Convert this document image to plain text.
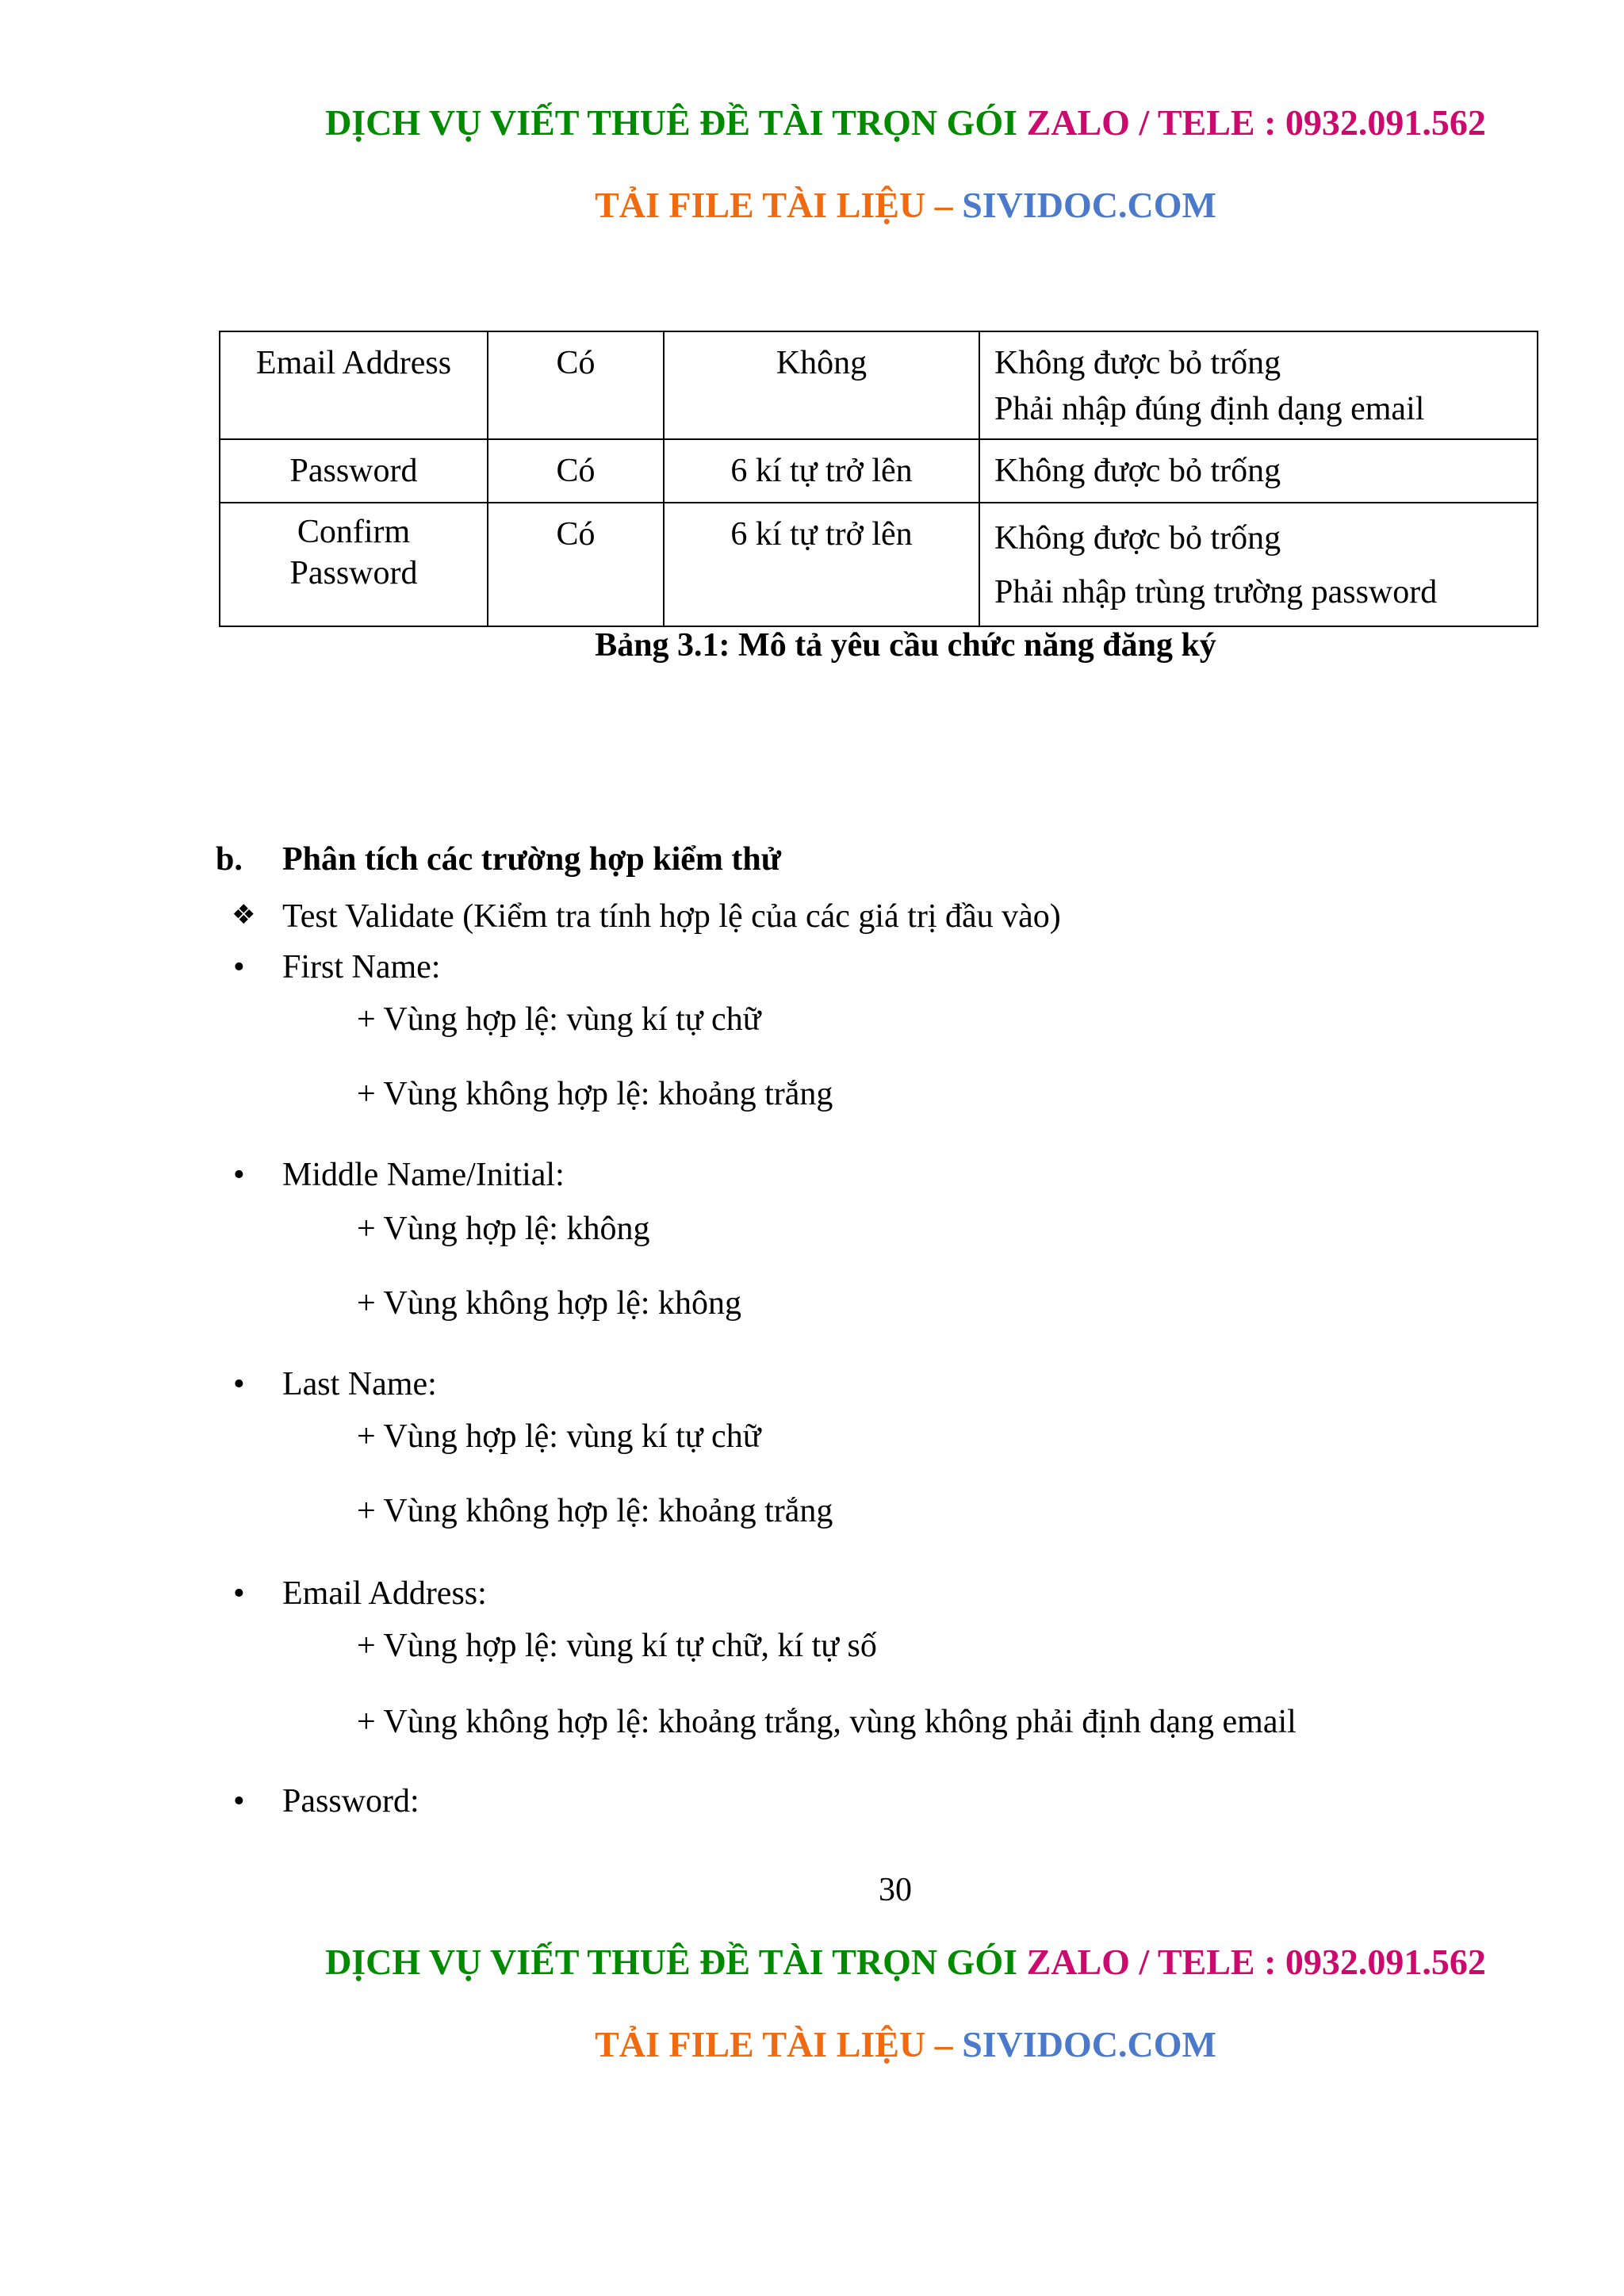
DỊCH VỤ VIẾT THUÊ ĐỀ TÀI TRỌN GÓI ZALO / TELE : 0932.091.562
TẢI FILE TÀI LIỆU – SIVIDOC.COM
Email Address	Có	Không	Không được bỏ trống
Phải nhập đúng định dạng email

Password	Có	6 kí tự trở lên	Không được bỏ trống
Confirm Password	Có	6 kí tự trở lên	Không được bỏ trống
Phải nhập trùng trường password
Bảng 3.1: Mô tả yêu cầu chức năng đăng ký
b. Phân tích các trường hợp kiểm thử
❖ Test Validate (Kiểm tra tính hợp lệ của các giá trị đầu vào)
• First Name:
+ Vùng hợp lệ: vùng kí tự chữ
+ Vùng không hợp lệ: khoảng trắng
• Middle Name/Initial:
+ Vùng hợp lệ: không
+ Vùng không hợp lệ: không
• Last Name:
+ Vùng hợp lệ: vùng kí tự chữ
+ Vùng không hợp lệ: khoảng trắng
• Email Address:
+ Vùng hợp lệ: vùng kí tự chữ, kí tự số
+ Vùng không hợp lệ: khoảng trắng, vùng không phải định dạng email
• Password:
30
DỊCH VỤ VIẾT THUÊ ĐỀ TÀI TRỌN GÓI ZALO / TELE : 0932.091.562
TẢI FILE TÀI LIỆU – SIVIDOC.COM
